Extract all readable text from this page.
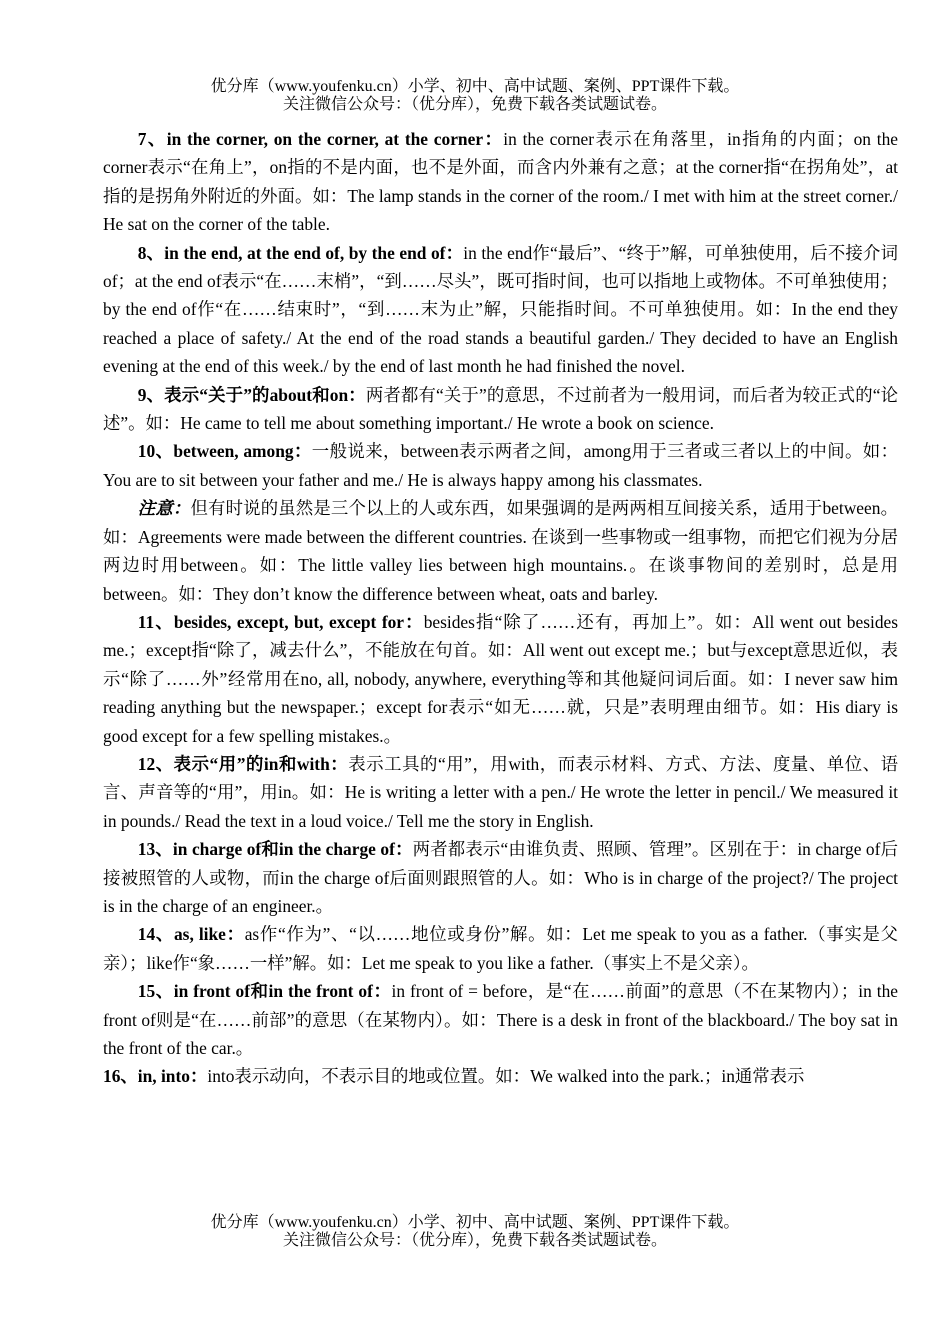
优分库（www.youfenku.cn）小学、初中、高中试题、案例、PPT课件下载。
关注微信公众号：（优分库），免费下载各类试题试卷。

7、in the corner, on the corner, at the corner：in the corner表示在角落里，in指角的内面；on the corner表示“在角上”，on指的不是内面，也不是外面，而含内外兼有之意；at the corner指“在拐角处”，at指的是拐角外附近的外面。如：The lamp stands in the corner of the room./ I met with him at the street corner./ He sat on the corner of the table.

8、in the end, at the end of, by the end of：in the end作“最后”、“终于”解，可单独使用，后不接介词of；at the end of表示“在……末梢”，“到……尽头”，既可指时间，也可以指地上或物体。不可单独使用；by the end of作“在……结束时”，“到……末为止”解，只能指时间。不可单独使用。如：In the end they reached a place of safety./ At the end of the road stands a beautiful garden./ They decided to have an English evening at the end of this week./ by the end of last month he had finished the novel.

9、表示“关于”的about和on：两者都有“关于”的意思，不过前者为一般用词，而后者为较正式的“论述”。如：He came to tell me about something important./ He wrote a book on science.

10、between, among：一般说来，between表示两者之间，among用于三者或三者以上的中间。如：You are to sit between your father and me./ He is always happy among his classmates.

注意：但有时说的虽然是三个以上的人或东西，如果强调的是两两相互间接关系，适用于between。如：Agreements were made between the different countries. 在谈到一些事物或一组事物，而把它们视为分居两边时用between。如：The little valley lies between high mountains.。在谈事物间的差别时，总是用between。如：They don’t know the difference between wheat, oats and barley.

11、besides, except, but, except for：besides指“除了……还有，再加上”。如：All went out besides me.；except指“除了，减去什么”，不能放在句首。如：All went out except me.；but与except意思近似，表示“除了……外”经常用在no, all, nobody, anywhere, everything等和其他疑问词后面。如：I never saw him reading anything but the newspaper.；except for表示“如无……就，只是”表明理由细节。如：His diary is good except for a few spelling mistakes.。

12、表示“用”的in和with：表示工具的“用”，用with，而表示材料、方式、方法、度量、单位、语言、声音等的“用”，用in。如：He is writing a letter with a pen./ He wrote the letter in pencil./ We measured it in pounds./ Read the text in a loud voice./ Tell me the story in English.

13、in charge of和in the charge of：两者都表示“由谁负责、照顾、管理”。区别在于：in charge of后接被照管的人或物，而in the charge of后面则跟照管的人。如：Who is in charge of the project?/ The project is in the charge of an engineer.。

14、as, like：as作“作为”、“以……地位或身份”解。如：Let me speak to you as a father.（事实是父亲）；like作“象……一样”解。如：Let me speak to you like a father.（事实上不是父亲）。

15、in front of和in the front of：in front of = before，是“在……前面”的意思（不在某物内）；in the front of则是“在……前部”的意思（在某物内）。如：There is a desk in front of the blackboard./ The boy sat in the front of the car.。

16、in, into：into表示动向，不表示目的地或位置。如：We walked into the park.；in通常表示

优分库（www.youfenku.cn）小学、初中、高中试题、案例、PPT课件下载。
关注微信公众号：（优分库），免费下载各类试题试卷。
